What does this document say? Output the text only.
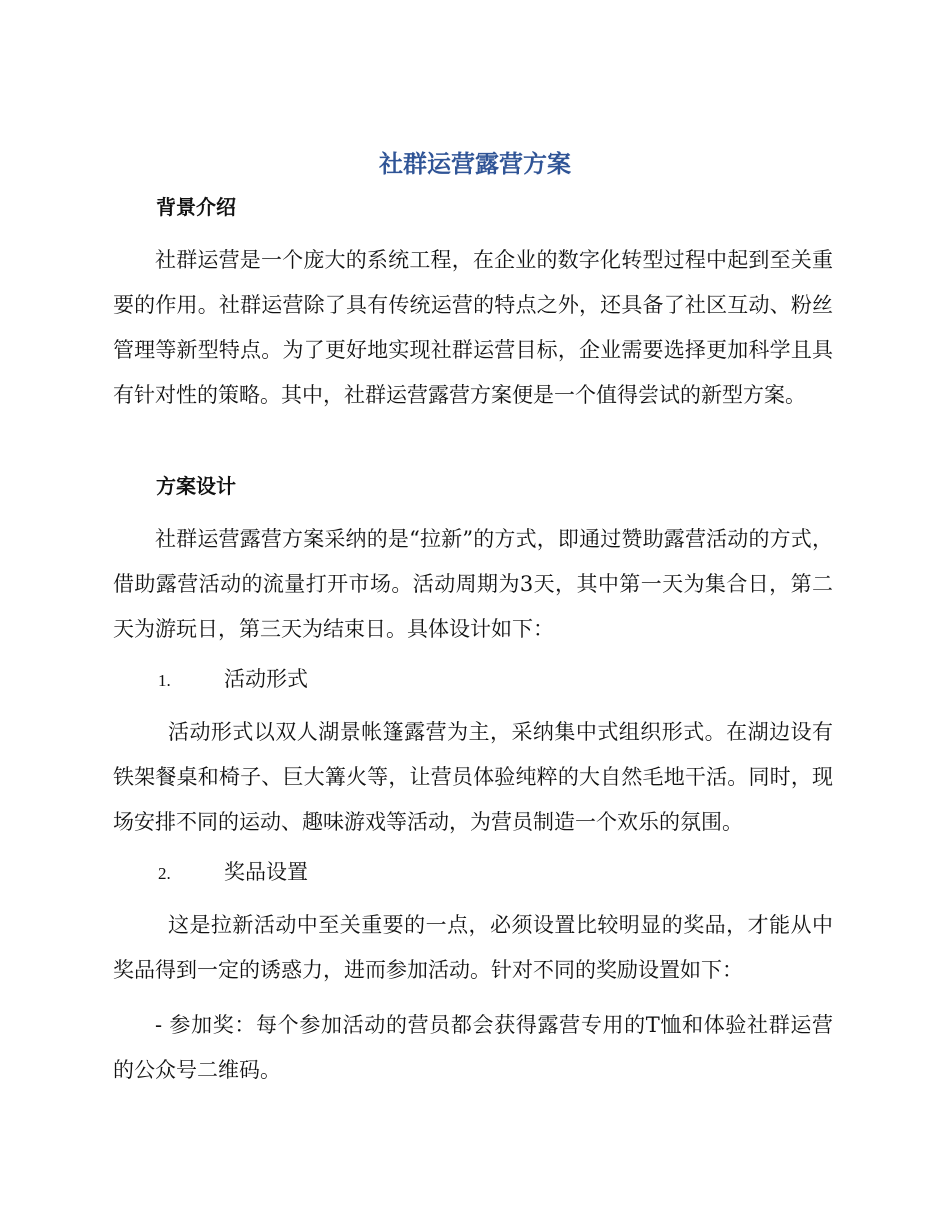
社群运营露营方案
背景介绍

社群运营是一个庞大的系统工程，在企业的数字化转型过程中起到至关重要的作用。社群运营除了具有传统运营的特点之外，还具备了社区互动、粉丝管理等新型特点。为了更好地实现社群运营目标，企业需要选择更加科学且具有针对性的策略。其中，社群运营露营方案便是一个值得尝试的新型方案。

方案设计

社群运营露营方案采纳的是“拉新”的方式，即通过赞助露营活动的方式，借助露营活动的流量打开市场。活动周期为3天，其中第一天为集合日，第二天为游玩日，第三天为结束日。具体设计如下：

1.	活动形式

活动形式以双人湖景帐篷露营为主，采纳集中式组织形式。在湖边设有铁架餐桌和椅子、巨大篝火等，让营员体验纯粹的大自然毛地干活。同时，现场安排不同的运动、趣味游戏等活动，为营员制造一个欢乐的氛围。

2.	奖品设置

这是拉新活动中至关重要的一点，必须设置比较明显的奖品，才能从中奖品得到一定的诱惑力，进而参加活动。针对不同的奖励设置如下：

- 参加奖：每个参加活动的营员都会获得露营专用的T恤和体验社群运营的公众号二维码。
